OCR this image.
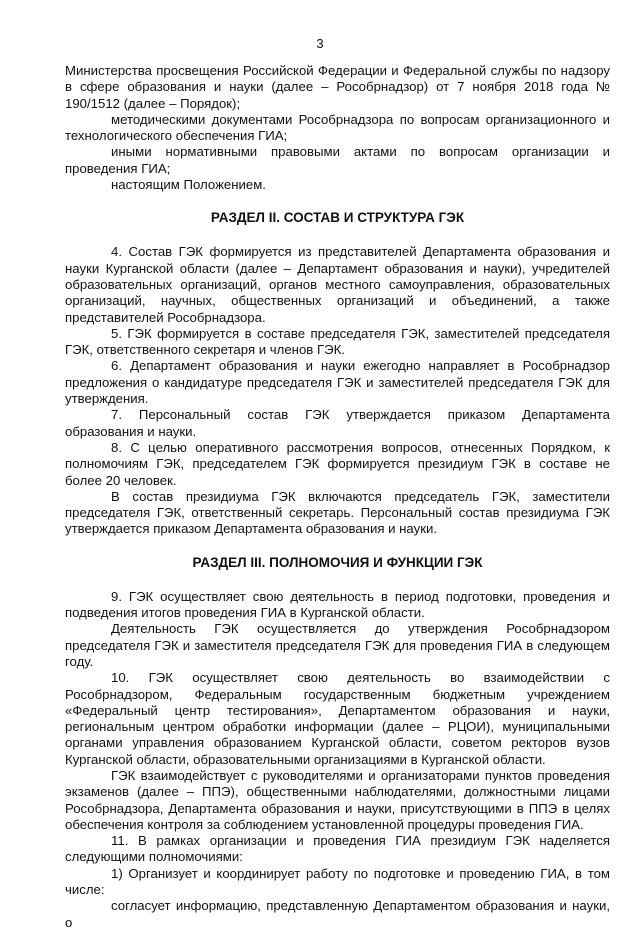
3

Министерства просвещения Российской Федерации и Федеральной службы по надзору в сфере образования и науки (далее – Рособрнадзор) от 7 ноября 2018 года № 190/1512 (далее – Порядок);

методическими документами Рособрнадзора по вопросам организационного и технологического обеспечения ГИА;

иными нормативными правовыми актами по вопросам организации и проведения ГИА;

настоящим Положением.

РАЗДЕЛ II. СОСТАВ И СТРУКТУРА ГЭК

4. Состав ГЭК формируется из представителей Департамента образования и науки Курганской области (далее – Департамент образования и науки), учредителей образовательных организаций, органов местного самоуправления, образовательных организаций, научных, общественных организаций и объединений, а также представителей Рособрнадзора.

5. ГЭК формируется в составе председателя ГЭК, заместителей председателя ГЭК, ответственного секретаря и членов ГЭК.

6. Департамент образования и науки ежегодно направляет в Рособрнадзор предложения о кандидатуре председателя ГЭК и заместителей председателя ГЭК для утверждения.

7. Персональный состав ГЭК утверждается приказом Департамента образования и науки.

8. С целью оперативного рассмотрения вопросов, отнесенных Порядком, к полномочиям ГЭК, председателем ГЭК формируется президиум ГЭК в составе не более 20 человек.

В состав президиума ГЭК включаются председатель ГЭК, заместители председателя ГЭК, ответственный секретарь. Персональный состав президиума ГЭК утверждается приказом Департамента образования и науки.

РАЗДЕЛ III. ПОЛНОМОЧИЯ И ФУНКЦИИ ГЭК

9. ГЭК осуществляет свою деятельность в период подготовки, проведения и подведения итогов проведения ГИА в Курганской области.

Деятельность ГЭК осуществляется до утверждения Рособрнадзором председателя ГЭК и заместителя председателя ГЭК для проведения ГИА в следующем году.

10. ГЭК осуществляет свою деятельность во взаимодействии с Рособрнадзором, Федеральным государственным бюджетным учреждением «Федеральный центр тестирования», Департаментом образования и науки, региональным центром обработки информации (далее – РЦОИ), муниципальными органами управления образованием Курганской области, советом ректоров вузов Курганской области, образовательными организациями в Курганской области.

ГЭК взаимодействует с руководителями и организаторами пунктов проведения экзаменов (далее – ППЭ), общественными наблюдателями, должностными лицами Рособрнадзора, Департамента образования и науки, присутствующими в ППЭ в целях обеспечения контроля за соблюдением установленной процедуры проведения ГИА.

11. В рамках организации и проведения ГИА президиум ГЭК наделяется следующими полномочиями:

1) Организует и координирует работу по подготовке и проведению ГИА, в том числе:

согласует информацию, представленную Департаментом образования и науки, о
